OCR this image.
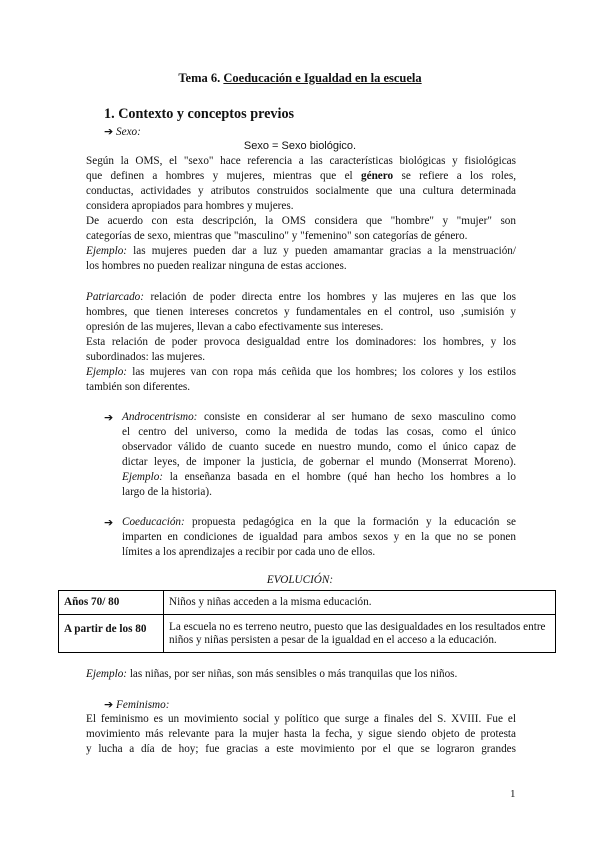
Tema 6. Coeducación e Igualdad en la escuela
1. Contexto y conceptos previos
➔ Sexo:
Sexo = Sexo biológico.
Según la OMS, el "sexo" hace referencia a las características biológicas y fisiológicas
que definen a hombres y mujeres, mientras que el género se refiere a los roles,
conductas, actividades y atributos construidos socialmente que una cultura determinada
considera apropiados para hombres y mujeres.
De acuerdo con esta descripción, la OMS considera que "hombre" y "mujer" son
categorías de sexo, mientras que "masculino" y "femenino" son categorías de género.
Ejemplo: las mujeres pueden dar a luz y pueden amamantar gracias a la menstruación/
los hombres no pueden realizar ninguna de estas acciones.
Patriarcado: relación de poder directa entre los hombres y las mujeres en las que los
hombres, que tienen intereses concretos y fundamentales en el control, uso ,sumisión y
opresión de las mujeres, llevan a cabo efectivamente sus intereses.
Esta relación de poder provoca desigualdad entre los dominadores: los hombres, y los
subordinados: las mujeres.
Ejemplo: las mujeres van con ropa más ceñida que los hombres; los colores y los estilos
también son diferentes.
➔ Androcentrismo: consiste en considerar al ser humano de sexo masculino como
el centro del universo, como la medida de todas las cosas, como el único
observador válido de cuanto sucede en nuestro mundo, como el único capaz de
dictar leyes, de imponer la justicia, de gobernar el mundo (Monserrat Moreno).
Ejemplo: la enseñanza basada en el hombre (qué han hecho los hombres a lo
largo de la historia).
➔ Coeducación: propuesta pedagógica en la que la formación y la educación se
imparten en condiciones de igualdad para ambos sexos y en la que no se ponen
límites a los aprendizajes a recibir por cada uno de ellos.
EVOLUCIÓN:
Años 70/ 80	Niños y niñas acceden a la misma educación.
A partir de los 80	La escuela no es terreno neutro, puesto que las desigualdades en los resultados entre niños y niñas persisten a pesar de la igualdad en el acceso a la educación.
Ejemplo: las niñas, por ser niñas, son más sensibles o más tranquilas que los niños.
➔ Feminismo:
El feminismo es un movimiento social y político que surge a finales del S. XVIII. Fue el
movimiento más relevante para la mujer hasta la fecha, y sigue siendo objeto de protesta
y lucha a día de hoy; fue gracias a este movimiento por el que se lograron grandes
1
